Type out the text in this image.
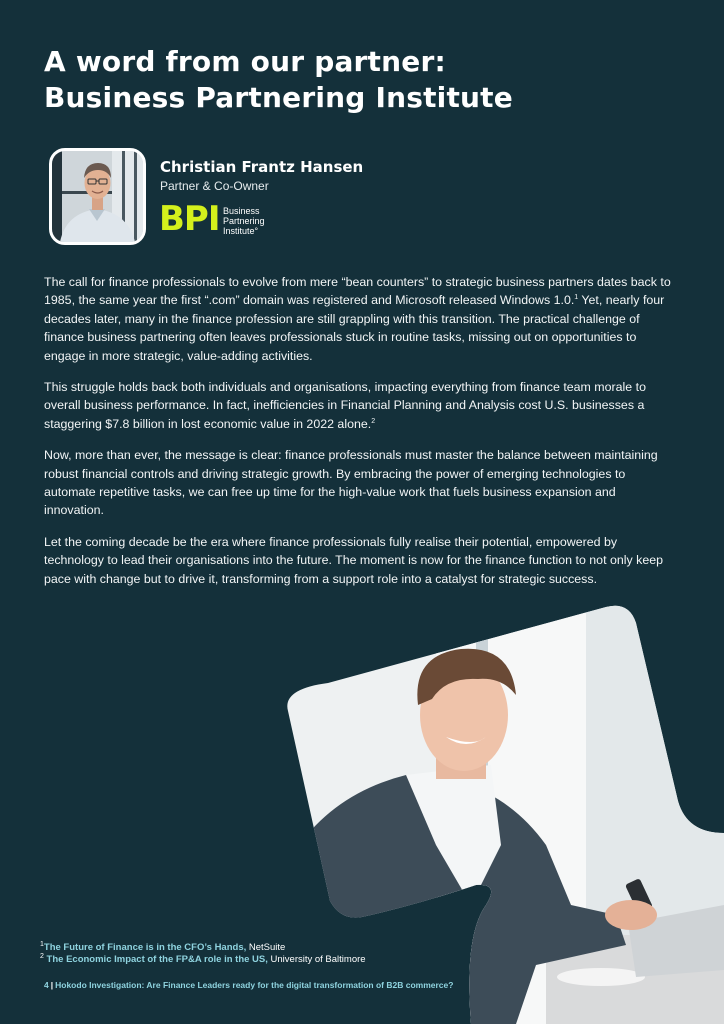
A word from our partner:
Business Partnering Institute
Christian Frantz Hansen
Partner & Co-Owner
BPI Business
Partnering
Institute°

The call for finance professionals to evolve from mere “bean counters” to strategic business partners dates back to 1985, the same year the first “.com” domain was registered and Microsoft released Windows 1.0.$^1$ Yet, nearly four decades later, many in the finance profession are still grappling with this transition. The practical challenge of finance business partnering often leaves professionals stuck in routine tasks, missing out on opportunities to engage in more strategic, value-adding activities.

This struggle holds back both individuals and organisations, impacting everything from finance team morale to overall business performance. In fact, inefficiencies in Financial Planning and Analysis cost U.S. businesses a staggering $7.8 billion in lost economic value in 2022 alone.$^2$

Now, more than ever, the message is clear: finance professionals must master the balance between maintaining robust financial controls and driving strategic growth. By embracing the power of emerging technologies to automate repetitive tasks, we can free up time for the high-value work that fuels business expansion and innovation.

Let the coming decade be the era where finance professionals fully realise their potential, empowered by technology to lead their organisations into the future. The moment is now for the finance function to not only keep pace with change but to drive it, transforming from a support role into a catalyst for strategic success.

$^1$The Future of Finance is in the CFO’s Hands, NetSuite
$^2$ The Economic Impact of the FP&A role in the US, University of Baltimore
4 | Hokodo Investigation: Are Finance Leaders ready for the digital transformation of B2B commerce?
